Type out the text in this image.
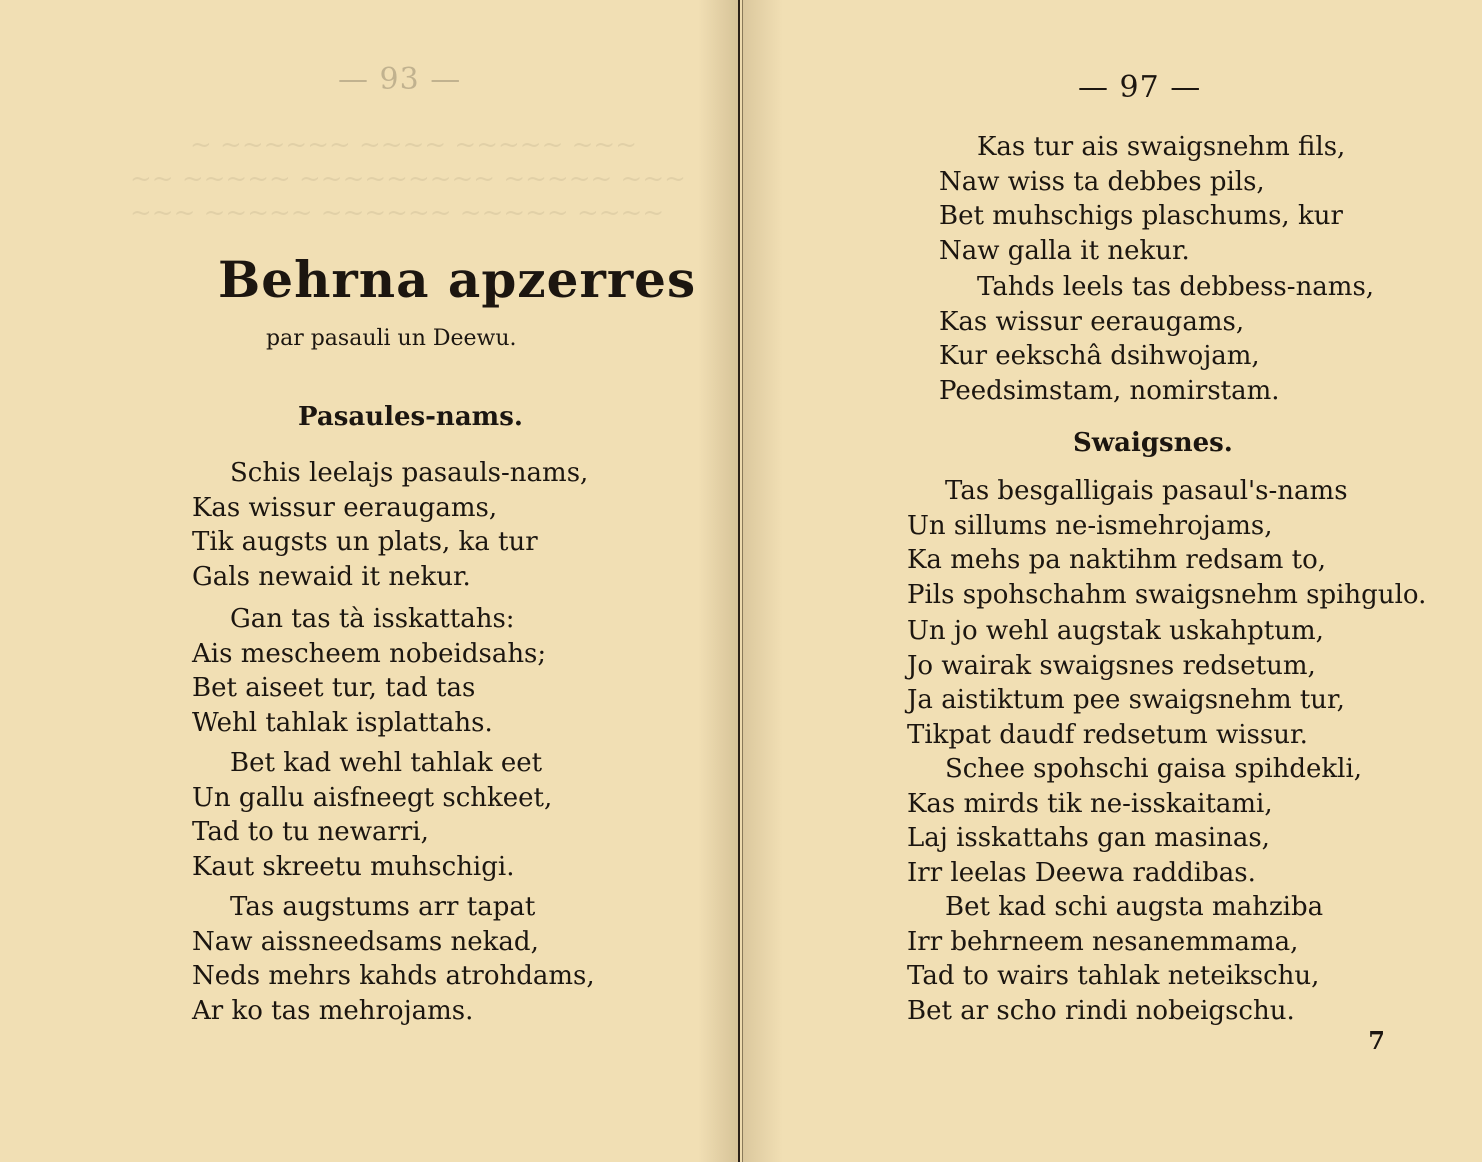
— 93 —
~ ~~~~~~ ~~~~ ~~~~~ ~~~
~~ ~~~~~ ~~~~~~~~~ ~~~~~ ~~~
~~~ ~~~~~ ~~~~~~ ~~~~~ ~~~~
Behrna apzerres
par pasauli un Deewu.
Pasaules-nams.
Schis leelajs pasauls-nams,
Kas wissur eeraugams,
Tik augsts un plats, ka tur
Gals newaid it nekur.
Gan tas tà isskattahs:
Ais mescheem nobeidsahs;
Bet aiseet tur, tad tas
Wehl tahlak isplattahs.
Bet kad wehl tahlak eet
Un gallu aisfneegt schkeet,
Tad to tu newarri,
Kaut skreetu muhschigi.
Tas augstums arr tapat
Naw aissneedsams nekad,
Neds mehrs kahds atrohdams,
Ar ko tas mehrojams.
— 97 —
Kas tur ais swaigsnehm fils,
Naw wiss ta debbes pils,
Bet muhschigs plaschums, kur
Naw galla it nekur.
Tahds leels tas debbess-nams,
Kas wissur eeraugams,
Kur eekschâ dsihwojam,
Peedsimstam, nomirstam.
Swaigsnes.
Tas besgalligais pasaul's-nams
Un sillums ne-ismehrojams,
Ka mehs pa naktihm redsam to,
Pils spohschahm swaigsnehm spihgulo.
Un jo wehl augstak uskahptum,
Jo wairak swaigsnes redsetum,
Ja aistiktum pee swaigsnehm tur,
Tikpat daudf redsetum wissur.
Schee spohschi gaisa spihdekli,
Kas mirds tik ne-isskaitami,
Laj isskattahs gan masinas,
Irr leelas Deewa raddibas.
Bet kad schi augsta mahziba
Irr behrneem nesanemmama,
Tad to wairs tahlak neteikschu,
Bet ar scho rindi nobeigschu.
7
